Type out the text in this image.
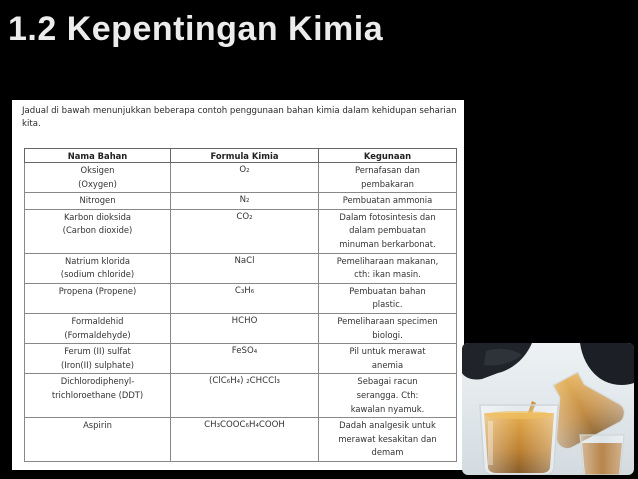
1.2 Kepentingan Kimia

Jadual di bawah menunjukkan beberapa contoh penggunaan bahan kimia dalam kehidupan seharian kita.

Nama Bahan	Formula Kimia	Kegunaan

Oksigen
(Oxygen)	O₂	Pernafasan dan
pembakaran

Nitrogen	N₂	Pembuatan ammonia

Karbon dioksida
(Carbon dioxide)	CO₂	Dalam fotosintesis dan
dalam pembuatan
minuman berkarbonat.

Natrium klorida
(sodium chloride)	NaCl	Pemeliharaan makanan,
cth: ikan masin.

Propena (Propene)	C₃H₆	Pembuatan bahan
plastic.

Formaldehid
(Formaldehyde)	HCHO	Pemeliharaan specimen
biologi.

Ferum (II) sulfat
(Iron(II) sulphate)	FeSO₄	Pil untuk merawat
anemia

Dichlorodiphenyl-
trichloroethane (DDT)	(ClC₆H₄) ₂CHCCl₃	Sebagai racun
serangga. Cth:
kawalan nyamuk.

Aspirin	CH₃COOC₆H₄COOH	Dadah analgesik untuk
merawat kesakitan dan
demam
